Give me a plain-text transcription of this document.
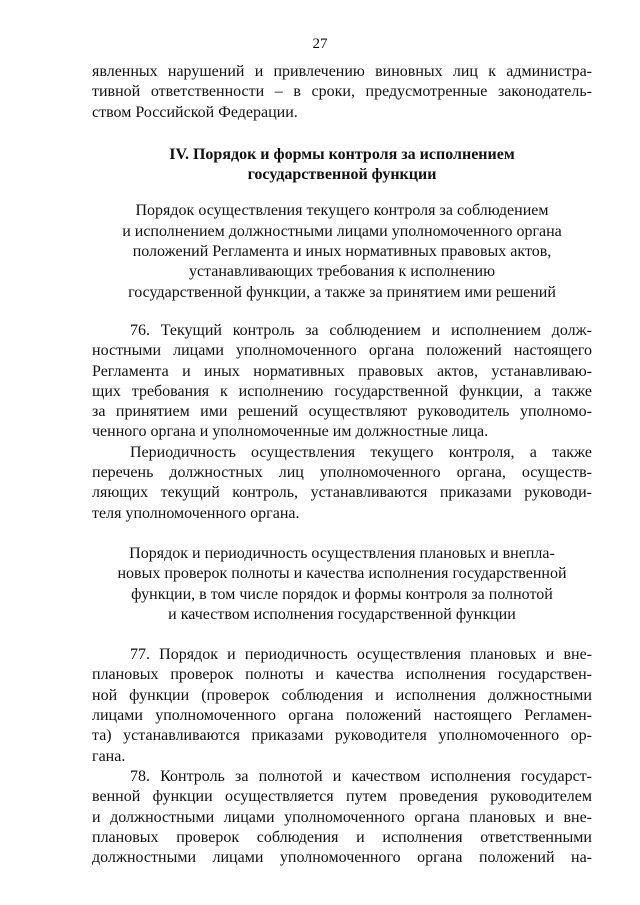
27
явленных нарушений и привлечению виновных лиц к администра-
тивной ответственности – в сроки, предусмотренные законодатель-
ством Российской Федерации.
IV. Порядок и формы контроля за исполнением
государственной функции
Порядок осуществления текущего контроля за соблюдением
и исполнением должностными лицами уполномоченного органа
положений Регламента и иных нормативных правовых актов,
устанавливающих требования к исполнению
государственной функции, а также за принятием ими решений
76. Текущий контроль за соблюдением и исполнением долж-
ностными лицами уполномоченного органа положений настоящего
Регламента и иных нормативных правовых актов, устанавливаю-
щих требования к исполнению государственной функции, а также
за принятием ими решений осуществляют руководитель уполномо-
ченного органа и уполномоченные им должностные лица.
Периодичность осуществления текущего контроля, а также
перечень должностных лиц уполномоченного органа, осуществ-
ляющих текущий контроль, устанавливаются приказами руководи-
теля уполномоченного органа.
Порядок и периодичность осуществления плановых и внепла-
новых проверок полноты и качества исполнения государственной
функции, в том числе порядок и формы контроля за полнотой
и качеством исполнения государственной функции
77. Порядок и периодичность осуществления плановых и вне-
плановых проверок полноты и качества исполнения государствен-
ной функции (проверок соблюдения и исполнения должностными
лицами уполномоченного органа положений настоящего Регламен-
та) устанавливаются приказами руководителя уполномоченного ор-
гана.
78. Контроль за полнотой и качеством исполнения государст-
венной функции осуществляется путем проведения руководителем
и должностными лицами уполномоченного органа плановых и вне-
плановых проверок соблюдения и исполнения ответственными
должностными лицами уполномоченного органа положений на-
